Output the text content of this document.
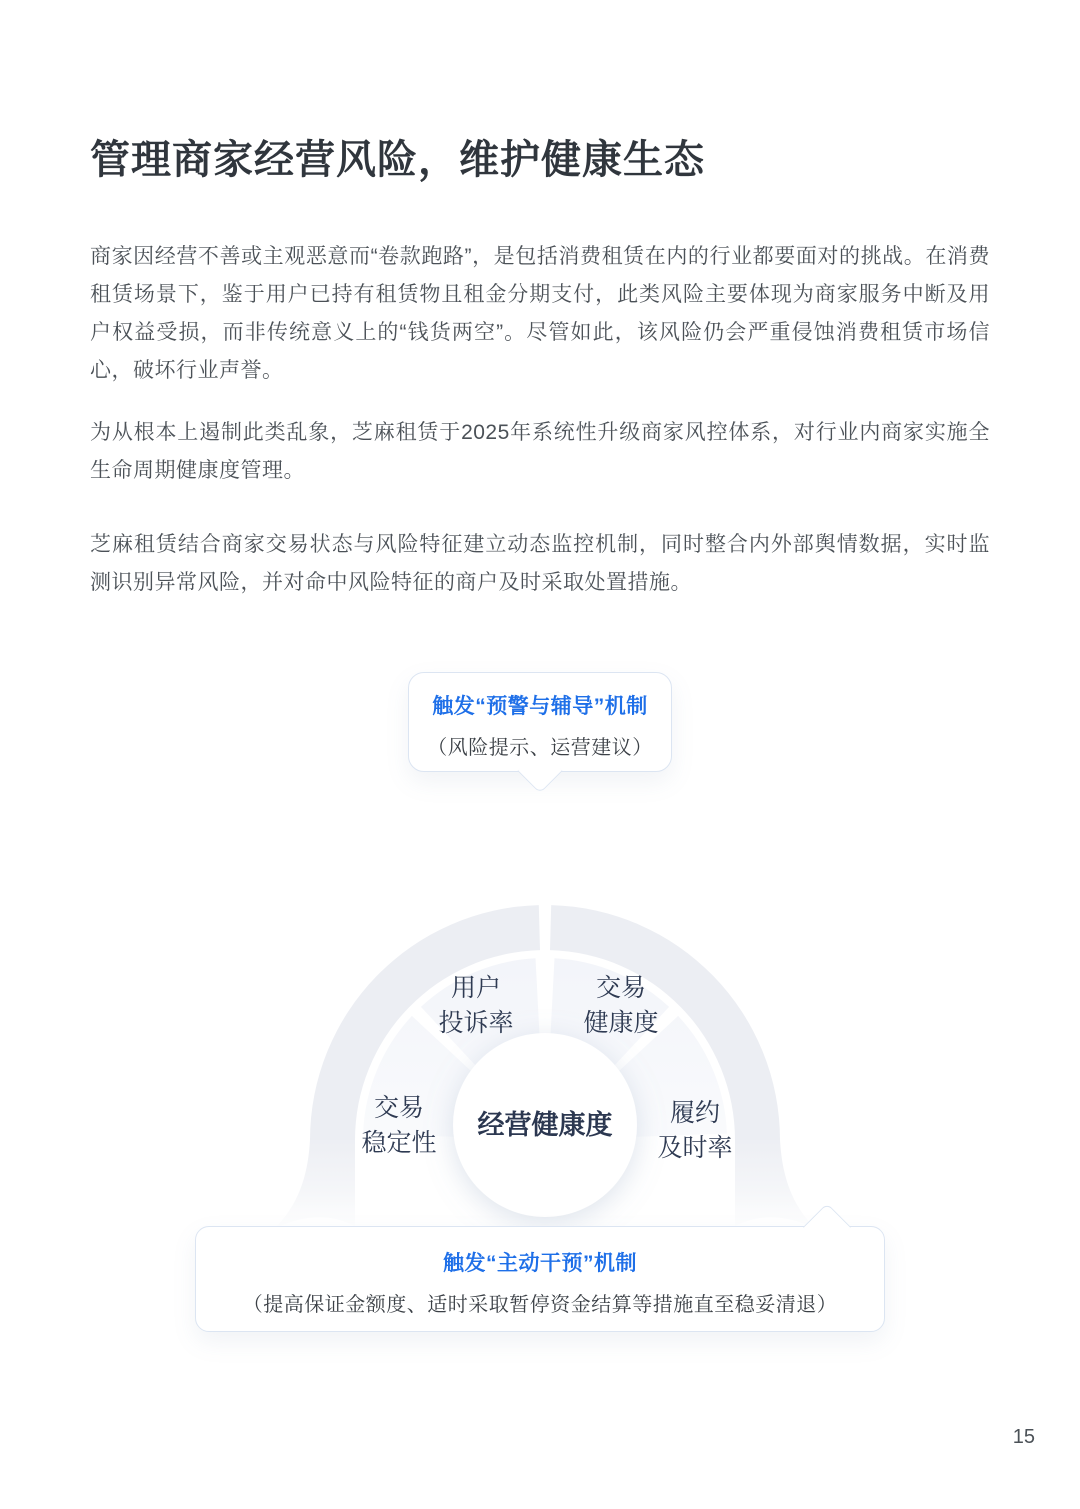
管理商家经营风险，维护健康生态

商家因经营不善或主观恶意而“卷款跑路”，是包括消费租赁在内的行业都要面对的挑战。在消费租赁场景下，鉴于用户已持有租赁物且租金分期支付，此类风险主要体现为商家服务中断及用户权益受损，而非传统意义上的“钱货两空”。尽管如此，该风险仍会严重侵蚀消费租赁市场信心，破坏行业声誉。

为从根本上遏制此类乱象，芝麻租赁于2025年系统性升级商家风控体系，对行业内商家实施全生命周期健康度管理。

芝麻租赁结合商家交易状态与风险特征建立动态监控机制，同时整合内外部舆情数据，实时监测识别异常风险，并对命中风险特征的商户及时采取处置措施。

触发“预警与辅导”机制
（风险提示、运营建议）
用户
投诉率
交易
健康度
交易
稳定性
履约
及时率
经营健康度
触发“主动干预”机制
（提高保证金额度、适时采取暂停资金结算等措施直至稳妥清退）
15
